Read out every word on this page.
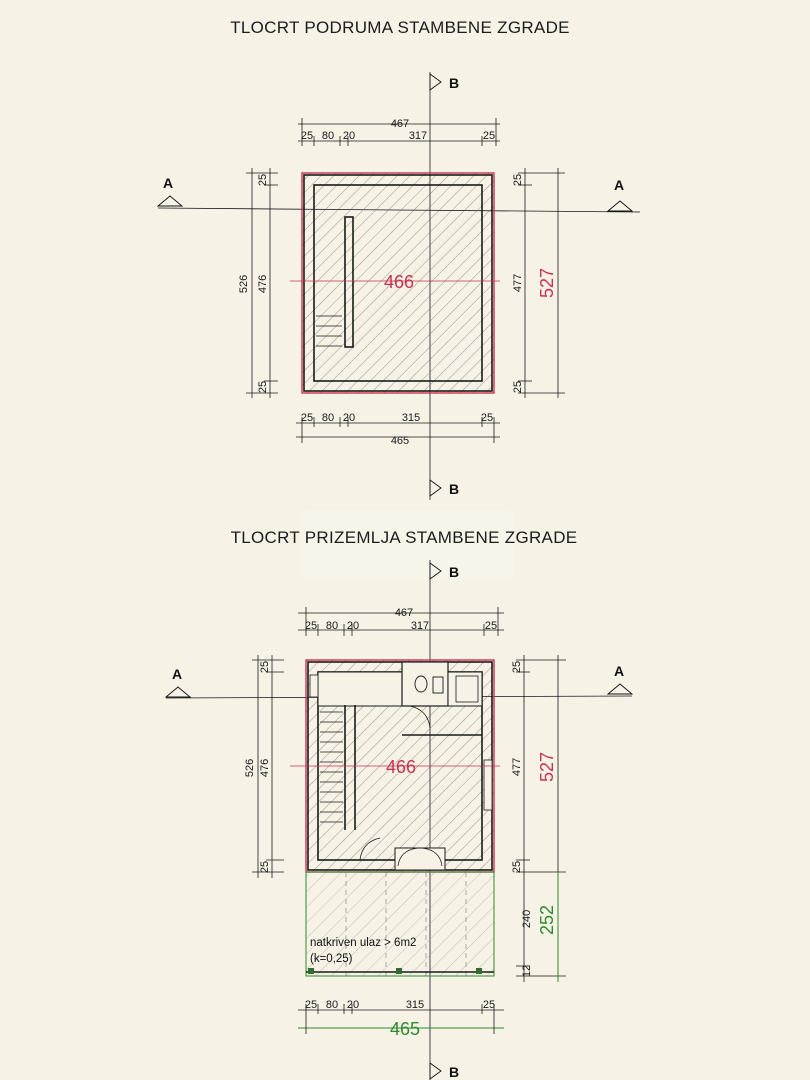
TLOCRT PODRUMA STAMBENE ZGRADE
B
B
A	A
466
467
25 80 20	317	25
25 80 20	315	25
465
526 476
25
25
477
25
25
527
TLOCRT PRIZEMLJA STAMBENE ZGRADE
B
B
A	A
466
natkriven ulaz > 6m2
(k=0,25)
467
25 80 20	317	25
25 80 20	315	25
465
526 476
25
25
477
25
25
527
240
12
252
